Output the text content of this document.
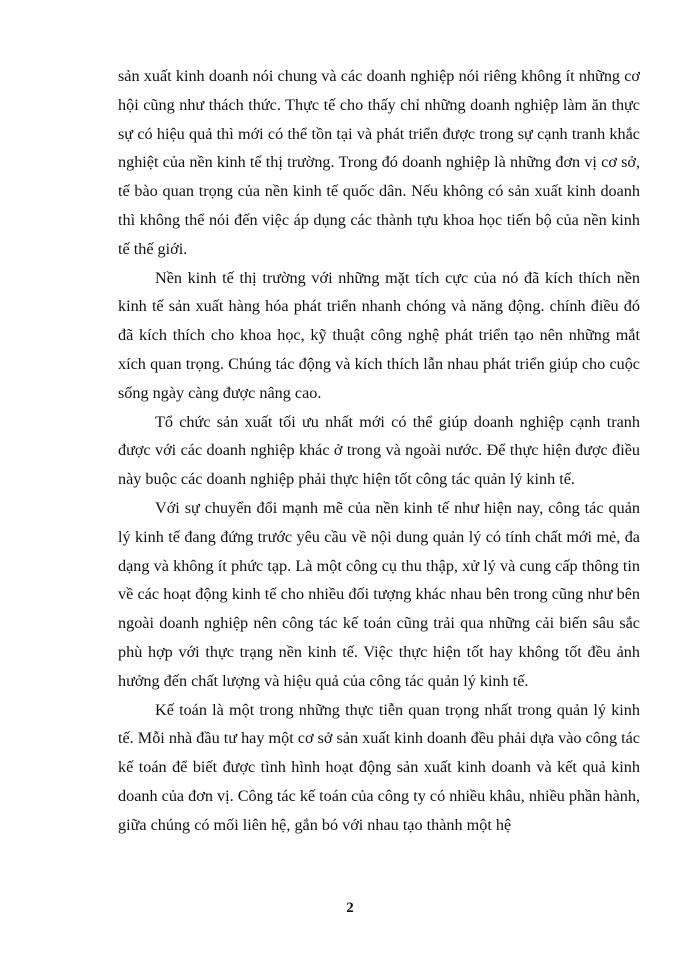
sản xuất kinh doanh nói chung và các doanh nghiệp nói riêng không ít những cơ hội cũng như thách thức. Thực tế cho thấy chỉ những doanh nghiệp làm ăn thực sự có hiệu quả thì mới có thể tồn tại và phát triển được trong sự cạnh tranh khắc nghiệt của nền kinh tế thị trường. Trong đó doanh nghiệp là những đơn vị cơ sở, tế bào quan trọng của nền kinh tế quốc dân. Nếu không có sản xuất kinh doanh thì không thể nói đến việc áp dụng các thành tựu khoa học tiến bộ của nền kinh tế thế giới.

Nền kinh tế thị trường với những mặt tích cực của nó đã kích thích nền kinh tế sản xuất hàng hóa phát triển nhanh chóng và năng động. chính điều đó đã kích thích cho khoa học, kỹ thuật công nghệ phát triển tạo nên những mắt xích quan trọng. Chúng tác động và kích thích lẫn nhau phát triển giúp cho cuộc sống ngày càng được nâng cao.

Tổ chức sản xuất tối ưu nhất mới có thể giúp doanh nghiệp cạnh tranh được với các doanh nghiệp khác ở trong và ngoài nước. Để thực hiện được điều này buộc các doanh nghiệp phải thực hiện tốt công tác quản lý kinh tế.

Với sự chuyển đổi mạnh mẽ của nền kinh tế như hiện nay, công tác quản lý kinh tế đang đứng trước yêu cầu về nội dung quản lý có tính chất mới mẻ, đa dạng và không ít phức tạp. Là một công cụ thu thập, xử lý và cung cấp thông tin về các hoạt động kinh tế cho nhiều đối tượng khác nhau bên trong cũng như bên ngoài doanh nghiệp nên công tác kế toán cũng trải qua những cải biến sâu sắc phù hợp với thực trạng nền kinh tế. Việc thực hiện tốt hay không tốt đều ảnh hưởng đến chất lượng và hiệu quả của công tác quản lý kinh tế.

Kế toán là một trong những thực tiễn quan trọng nhất trong quản lý kinh tế. Mỗi nhà đầu tư hay một cơ sở sản xuất kinh doanh đều phải dựa vào công tác kế toán để biết được tình hình hoạt động sản xuất kinh doanh và kết quả kinh doanh của đơn vị. Công tác kế toán của công ty có nhiều khâu, nhiều phần hành, giữa chúng có mối liên hệ, gắn bó với nhau tạo thành một hệ

2
